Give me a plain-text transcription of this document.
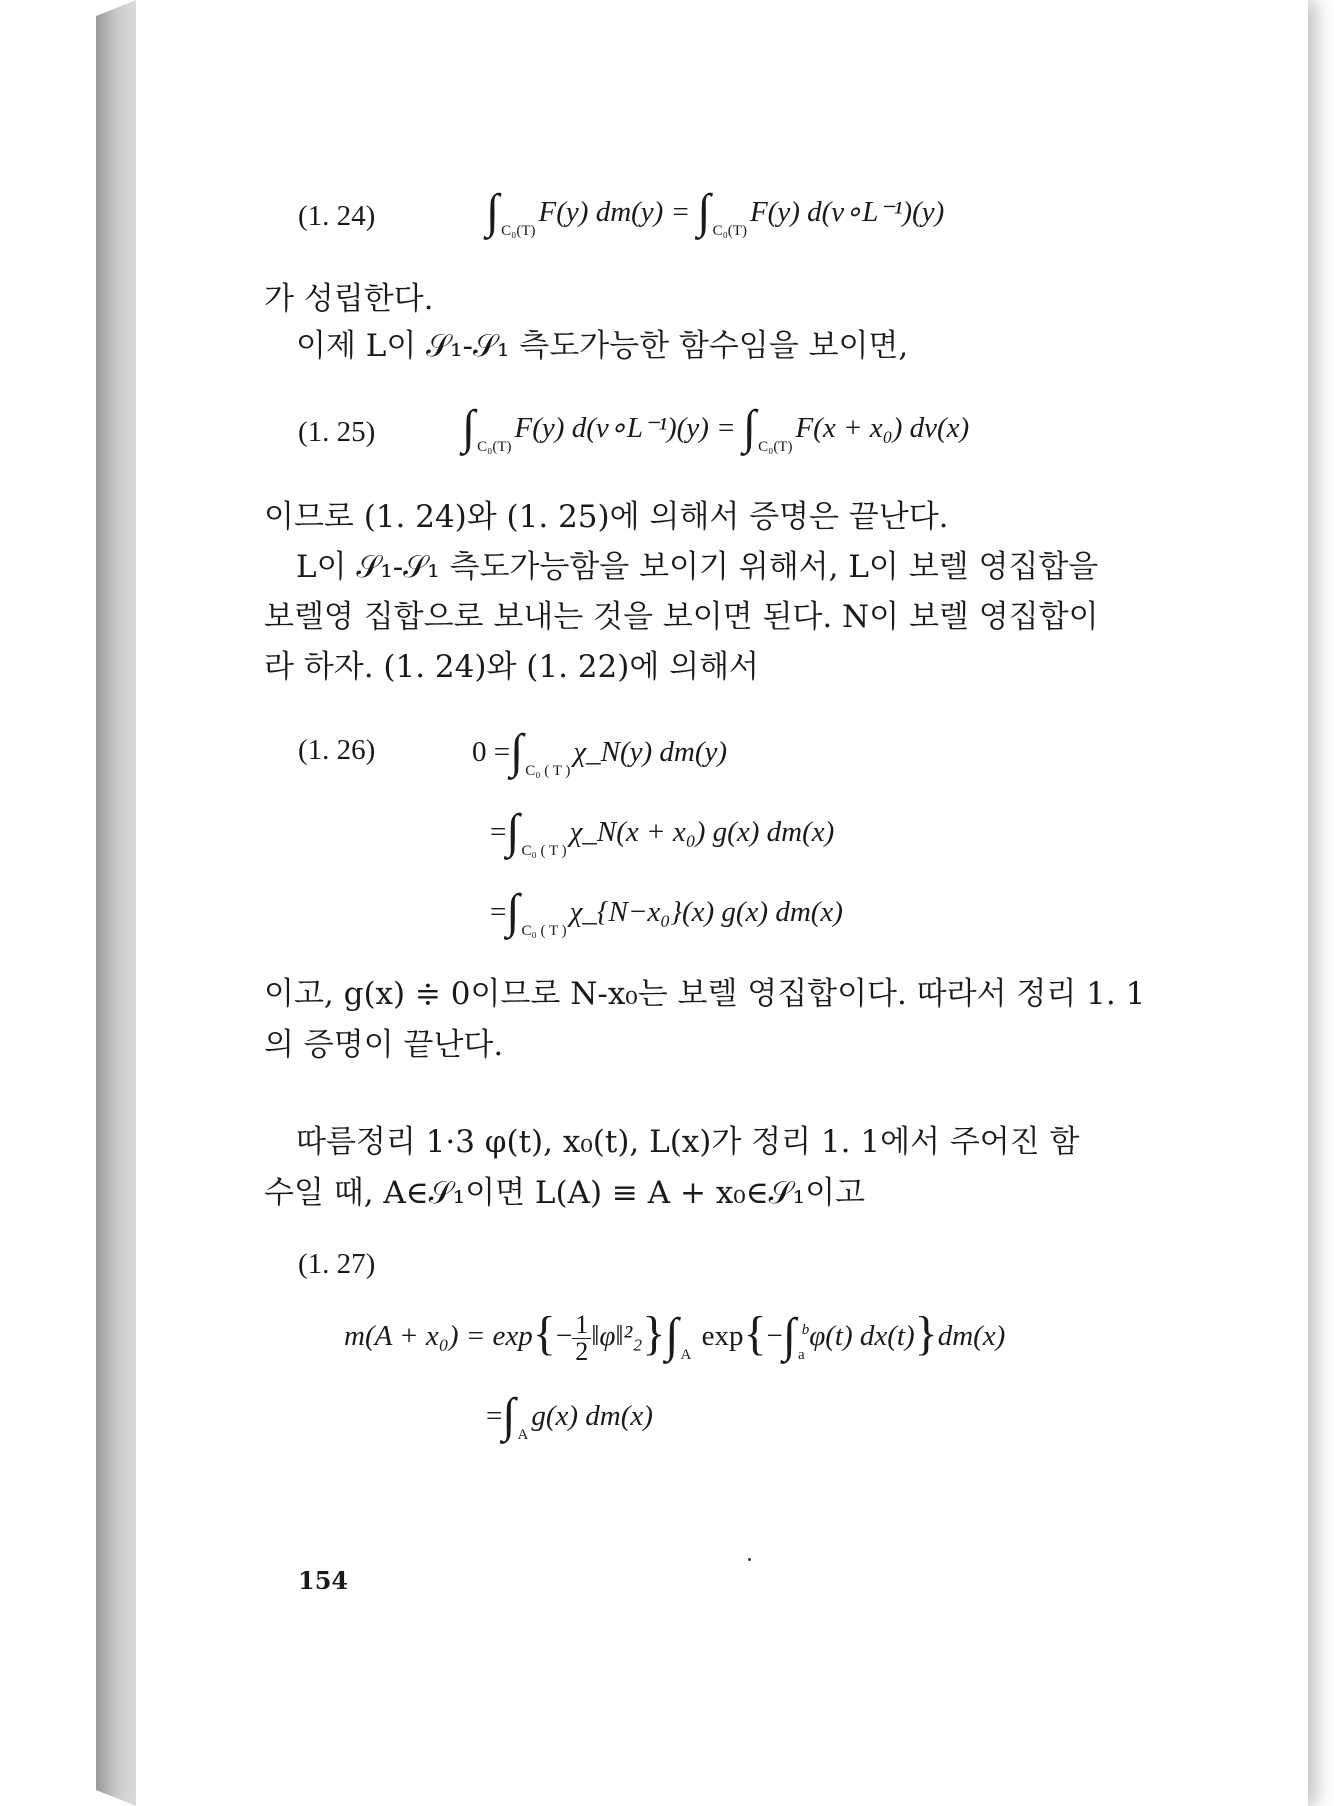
(1. 24) ∫ C₀(T)F(y) dm(y) = ∫ C₀(T)F(y) d(ν∘L⁻¹)(y)
가 성립한다.
이제 L이 𝒮₁-𝒮₁ 측도가능한 함수임을 보이면,
(1. 25) ∫ C₀(T)F(y) d(ν∘L⁻¹)(y) = ∫ C₀(T)F(x + x₀) dν(x)
이므로 (1. 24)와 (1. 25)에 의해서 증명은 끝난다.
L이 𝒮₁-𝒮₁ 측도가능함을 보이기 위해서, L이 보렐 영집합을
보렐영 집합으로 보내는 것을 보이면 된다. N이 보렐 영집합이
라 하자. (1. 24)와 (1. 22)에 의해서
(1. 26)	0 =∫ C₀ ( T )χ_N(y) dm(y)
=∫ C₀ ( T )χ_N(x + x₀) g(x) dm(x)
=∫ C₀ ( T )χ_{N−x₀}(x) g(x) dm(x)
이고, g(x) ≑ 0이므로 N-x₀는 보렐 영집합이다. 따라서 정리 1. 1
의 증명이 끝난다.
따름정리 1·3 φ(t), x₀(t), L(x)가 정리 1. 1에서 주어진 함
수일 때, A∈𝒮₁이면 L(A) ≡ A + x₀∈𝒮₁이고
(1. 27)
$m(A + x_0) = \exp\{- \frac{1}{2}$ ‖φ‖²₂}∫ A exp{−∫ $a^b\varphi(t)$ dx(t)}dm(x)
=∫ Ag(x) dm(x)
154
